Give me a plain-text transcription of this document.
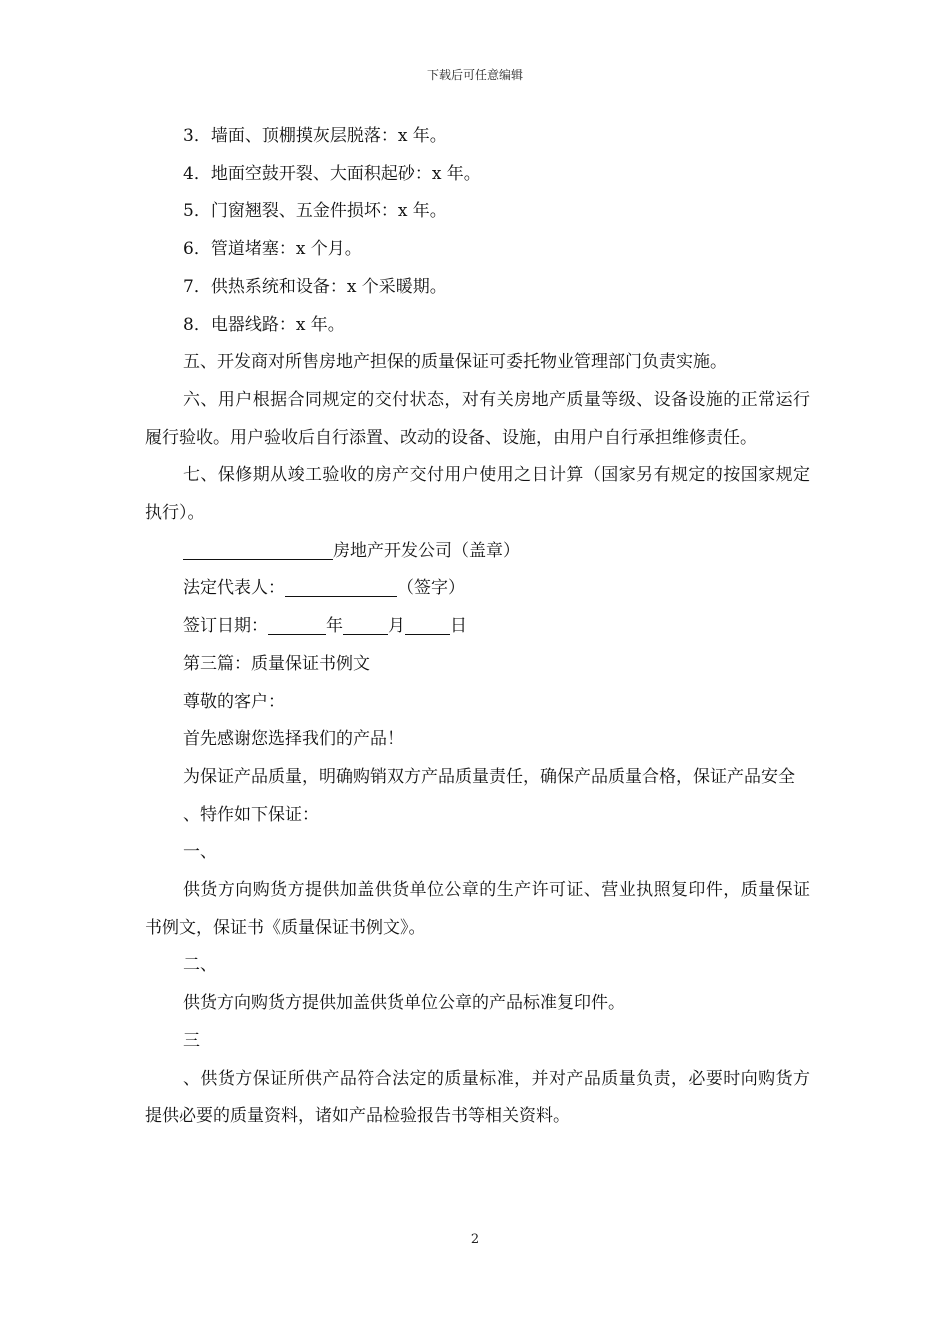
下载后可任意编辑
3．墙面、顶棚摸灰层脱落：x 年。
4．地面空鼓开裂、大面积起砂：x 年。
5．门窗翘裂、五金件损坏：x 年。
6．管道堵塞：x 个月。
7．供热系统和设备：x 个采暖期。
8．电器线路：x 年。
五、开发商对所售房地产担保的质量保证可委托物业管理部门负责实施。
六、用户根据合同规定的交付状态，对有关房地产质量等级、设备设施的正常运行履行验收。用户验收后自行添置、改动的设备、设施，由用户自行承担维修责任。
七、保修期从竣工验收的房产交付用户使用之日计算（国家另有规定的按国家规定执行）。
房地产开发公司（盖章）
法定代表人：	（签字）
签订日期：	年	月	日
第三篇：质量保证书例文
尊敬的客户：
首先感谢您选择我们的产品！
为保证产品质量，明确购销双方产品质量责任，确保产品质量合格，保证产品安全
、特作如下保证：
一、
供货方向购货方提供加盖供货单位公章的生产许可证、营业执照复印件，质量保证书例文，保证书《质量保证书例文》。
二、
供货方向购货方提供加盖供货单位公章的产品标准复印件。
三
、供货方保证所供产品符合法定的质量标准，并对产品质量负责，必要时向购货方提供必要的质量资料，诸如产品检验报告书等相关资料。
2
